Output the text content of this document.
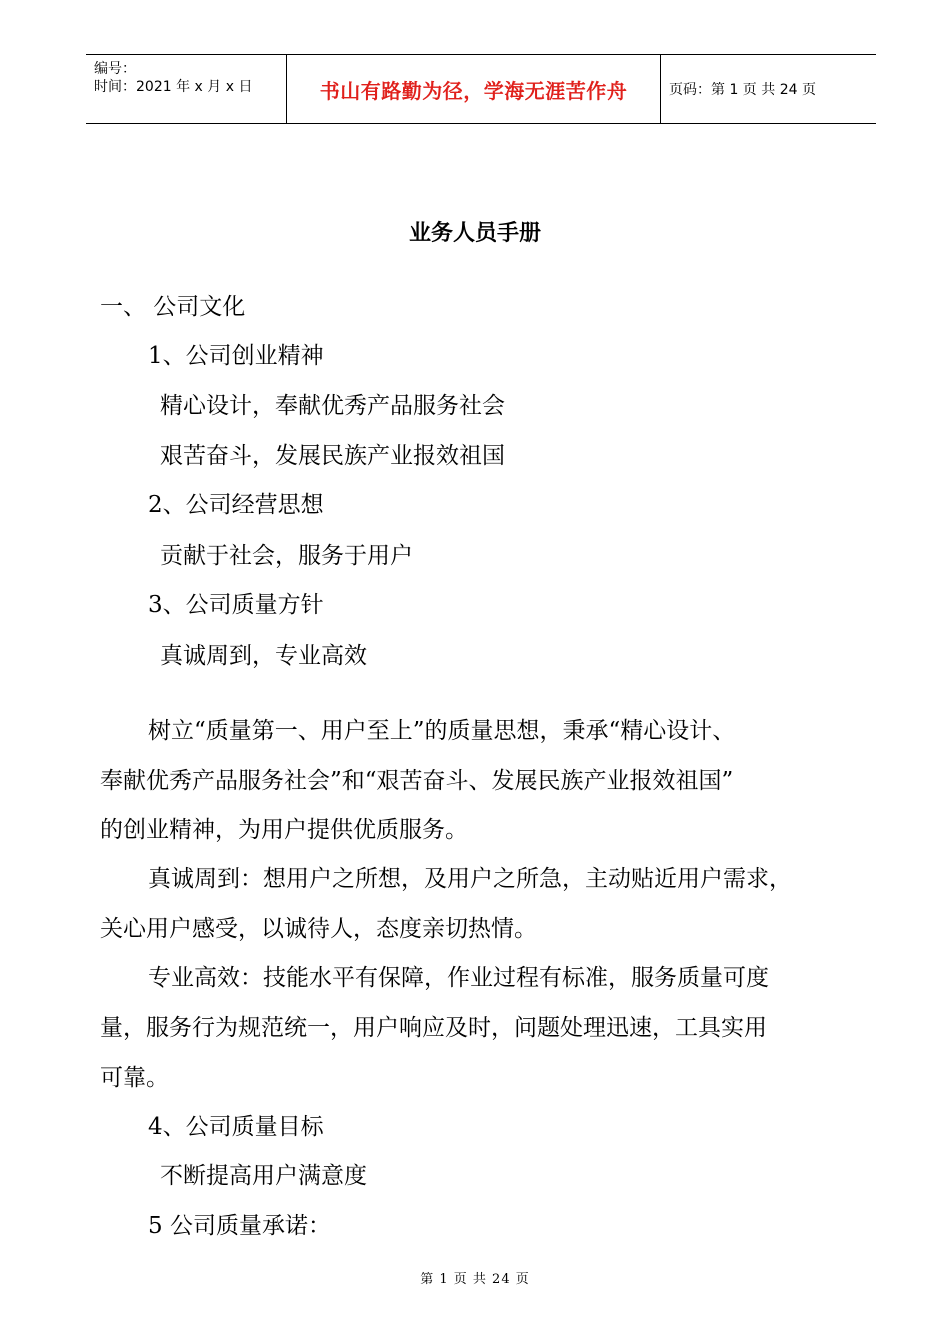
编号：
时间：2021 年 x 月 x 日	书山有路勤为径，学海无涯苦作舟	页码：第 1 页 共 24 页
业务人员手册
一、 公司文化
1、公司创业精神
精心设计，奉献优秀产品服务社会
艰苦奋斗，发展民族产业报效祖国
2、公司经营思想
贡献于社会，服务于用户
3、公司质量方针
真诚周到，专业高效
树立“质量第一、用户至上”的质量思想，秉承“精心设计、
奉献优秀产品服务社会”和“艰苦奋斗、发展民族产业报效祖国”
的创业精神，为用户提供优质服务。
真诚周到：想用户之所想，及用户之所急，主动贴近用户需求，
关心用户感受，以诚待人，态度亲切热情。
专业高效：技能水平有保障，作业过程有标准，服务质量可度
量，服务行为规范统一，用户响应及时，问题处理迅速，工具实用
可靠。
4、公司质量目标
不断提高用户满意度
5 公司质量承诺：
第 1 页 共 24 页
